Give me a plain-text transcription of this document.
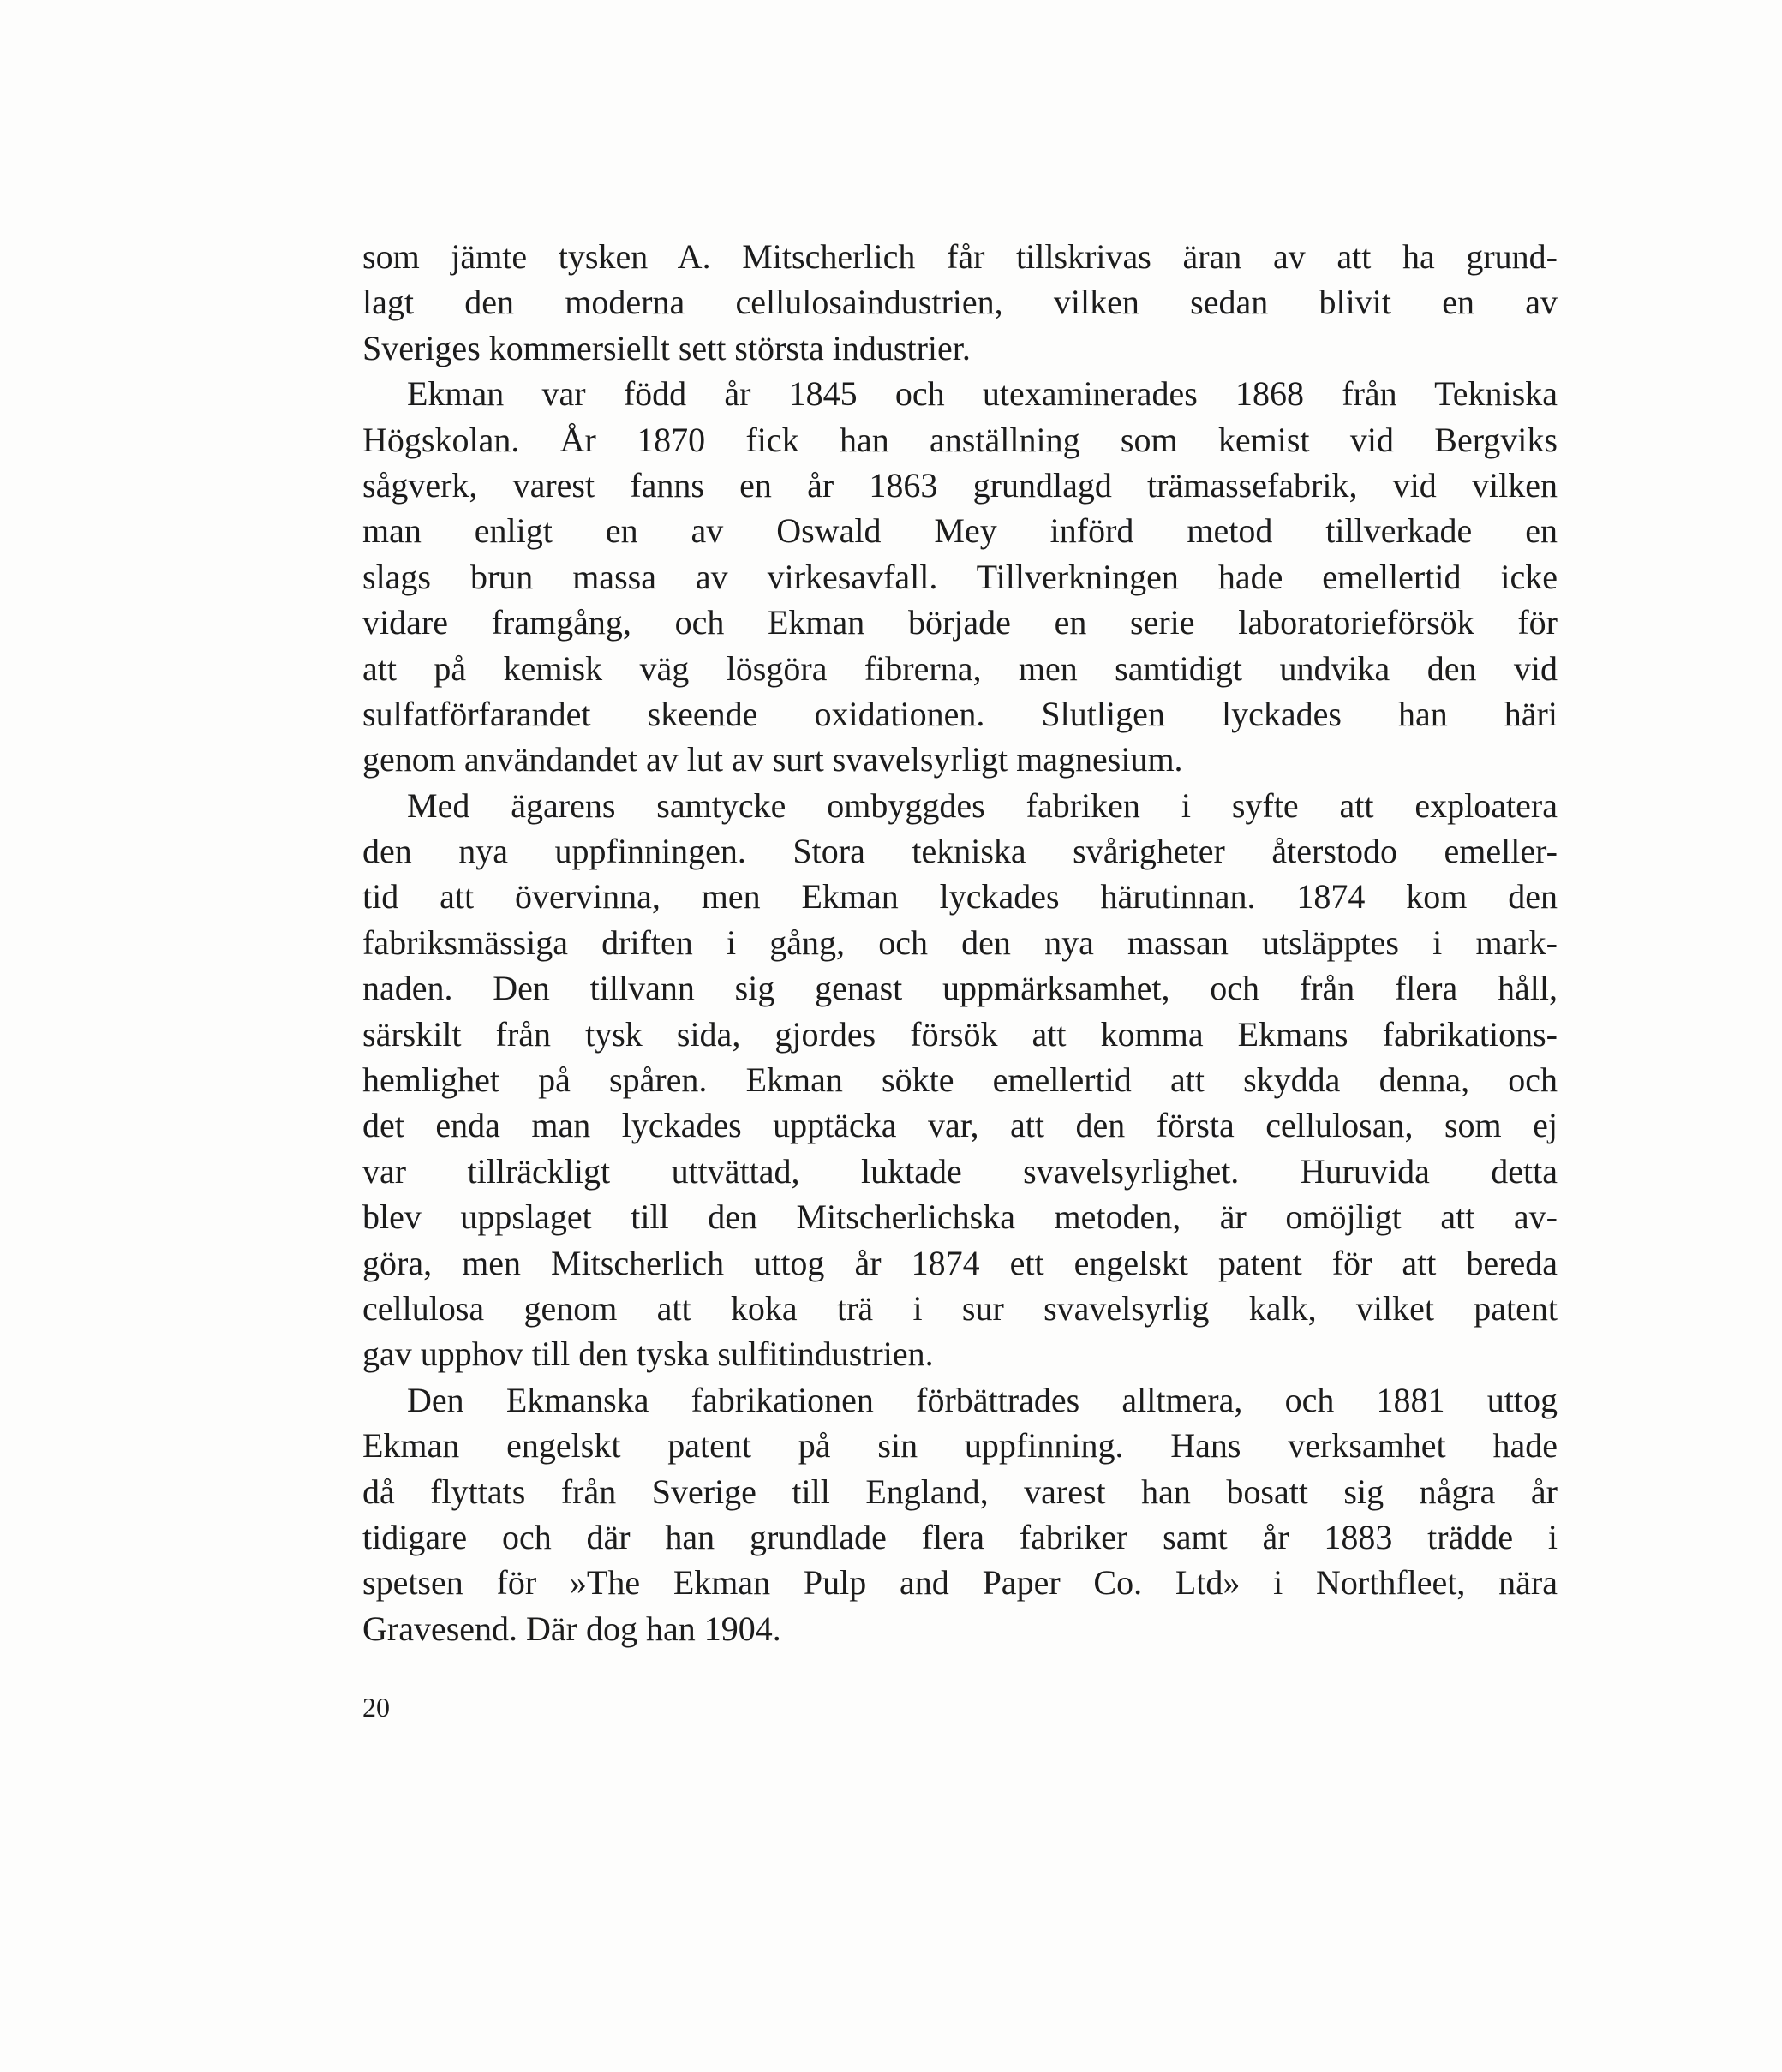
som jämte tysken A. Mitscherlich får tillskrivas äran av att ha grund-
lagt den moderna cellulosaindustrien, vilken sedan blivit en av
Sveriges kommersiellt sett största industrier.

Ekman var född år 1845 och utexaminerades 1868 från Tekniska
Högskolan. År 1870 fick han anställning som kemist vid Bergviks
sågverk, varest fanns en år 1863 grundlagd trämassefabrik, vid vilken
man enligt en av Oswald Mey införd metod tillverkade en
slags brun massa av virkesavfall. Tillverkningen hade emellertid icke
vidare framgång, och Ekman började en serie laboratorieförsök för
att på kemisk väg lösgöra fibrerna, men samtidigt undvika den vid
sulfatförfarandet skeende oxidationen. Slutligen lyckades han häri
genom användandet av lut av surt svavelsyrligt magnesium.

Med ägarens samtycke ombyggdes fabriken i syfte att exploatera
den nya uppfinningen. Stora tekniska svårigheter återstodo emeller-
tid att övervinna, men Ekman lyckades härutinnan. 1874 kom den
fabriksmässiga driften i gång, och den nya massan utsläpptes i mark-
naden. Den tillvann sig genast uppmärksamhet, och från flera håll,
särskilt från tysk sida, gjordes försök att komma Ekmans fabrikations-
hemlighet på spåren. Ekman sökte emellertid att skydda denna, och
det enda man lyckades upptäcka var, att den första cellulosan, som ej
var tillräckligt uttvättad, luktade svavelsyrlighet. Huruvida detta
blev uppslaget till den Mitscherlichska metoden, är omöjligt att av-
göra, men Mitscherlich uttog år 1874 ett engelskt patent för att bereda
cellulosa genom att koka trä i sur svavelsyrlig kalk, vilket patent
gav upphov till den tyska sulfitindustrien.

Den Ekmanska fabrikationen förbättrades alltmera, och 1881 uttog
Ekman engelskt patent på sin uppfinning. Hans verksamhet hade
då flyttats från Sverige till England, varest han bosatt sig några år
tidigare och där han grundlade flera fabriker samt år 1883 trädde i
spetsen för »The Ekman Pulp and Paper Co. Ltd» i Northfleet, nära
Gravesend. Där dog han 1904.

20
